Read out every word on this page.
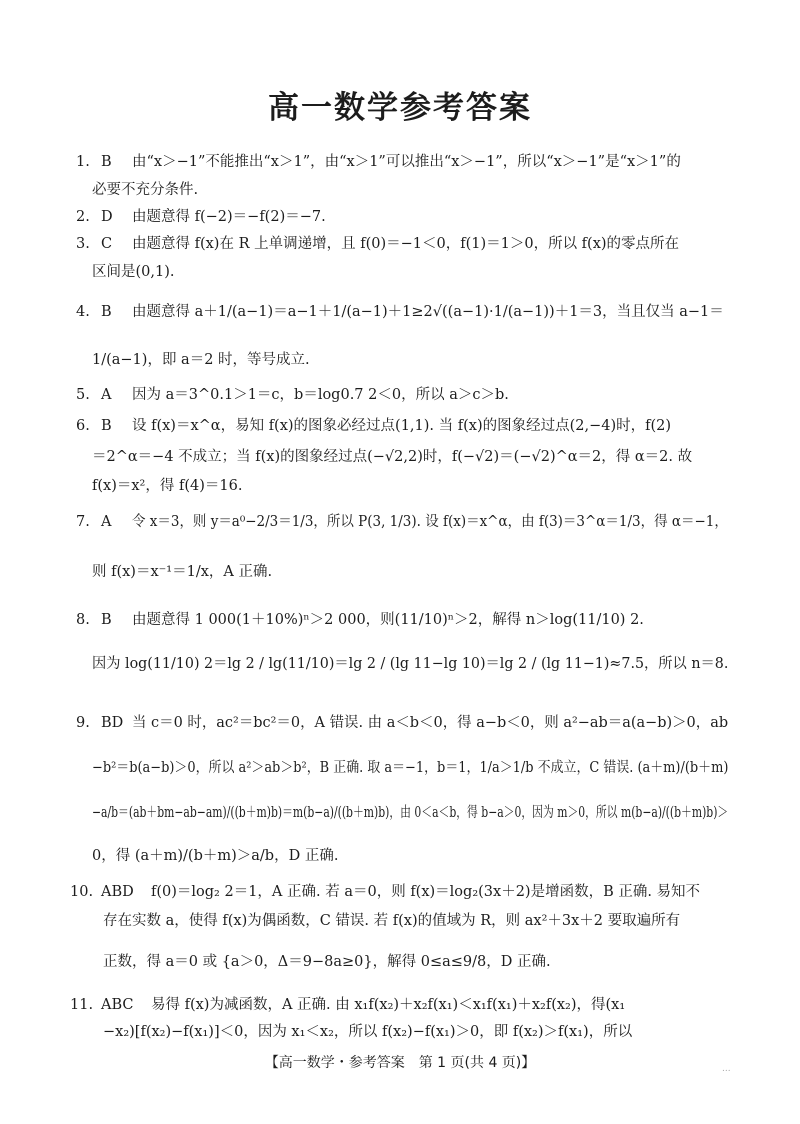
高一数学参考答案
1. B 由“x＞−1”不能推出“x＞1”，由“x＞1”可以推出“x＞−1”，所以“x＞−1”是“x＞1”的
必要不充分条件.
2. D 由题意得 f(−2)＝−f(2)＝−7.
3. C 由题意得 f(x)在 R 上单调递增，且 f(0)＝−1＜0，f(1)＝1＞0，所以 f(x)的零点所在
区间是(0,1).
4. B 由题意得 a＋1/(a−1)＝a−1＋1/(a−1)＋1≥2√((a−1)·1/(a−1))＋1＝3，当且仅当 a−1＝
1/(a−1)，即 a＝2 时，等号成立.
5. A 因为 a＝3^0.1＞1＝c，b＝log0.7 2＜0，所以 a＞c＞b.
6. B 设 f(x)＝x^α，易知 f(x)的图象必经过点(1,1). 当 f(x)的图象经过点(2,−4)时，f(2)
＝2^α＝−4 不成立；当 f(x)的图象经过点(−√2,2)时，f(−√2)＝(−√2)^α＝2，得 α＝2. 故
f(x)＝x²，得 f(4)＝16.
7. A 令 x＝3，则 y＝a⁰−2/3＝1/3，所以 P(3, 1/3). 设 f(x)＝x^α，由 f(3)＝3^α＝1/3，得 α＝−1，
则 f(x)＝x⁻¹＝1/x，A 正确.
8. B 由题意得 1 000(1＋10%)ⁿ＞2 000，则(11/10)ⁿ＞2，解得 n＞log(11/10) 2.
因为 log(11/10) 2＝lg 2 / lg(11/10)＝lg 2 / (lg 11−lg 10)＝lg 2 / (lg 11−1)≈7.5，所以 n＝8.
9. BD 当 c＝0 时，ac²＝bc²＝0，A 错误. 由 a＜b＜0，得 a−b＜0，则 a²−ab＝a(a−b)＞0，ab
−b²＝b(a−b)＞0，所以 a²＞ab＞b²，B 正确. 取 a＝−1，b＝1，1/a＞1/b 不成立，C 错误. (a＋m)/(b＋m)
−a/b＝(ab＋bm−ab−am)/((b＋m)b)＝m(b−a)/((b＋m)b)，由 0＜a＜b，得 b−a＞0，因为 m＞0，所以 m(b−a)/((b＋m)b)＞
0，得 (a＋m)/(b＋m)＞a/b，D 正确.
10. ABD f(0)＝log₂ 2＝1，A 正确. 若 a＝0，则 f(x)＝log₂(3x＋2)是增函数，B 正确. 易知不
存在实数 a，使得 f(x)为偶函数，C 错误. 若 f(x)的值域为 R，则 ax²＋3x＋2 要取遍所有
正数，得 a＝0 或 {a＞0，Δ＝9−8a≥0}，解得 0≤a≤9/8，D 正确.
11. ABC 易得 f(x)为减函数，A 正确. 由 x₁f(x₂)＋x₂f(x₁)＜x₁f(x₁)＋x₂f(x₂)，得(x₁
−x₂)[f(x₂)−f(x₁)]＜0，因为 x₁＜x₂，所以 f(x₂)−f(x₁)＞0，即 f(x₂)＞f(x₁)，所以
【高一数学・参考答案　第 1 页(共 4 页)】	...
